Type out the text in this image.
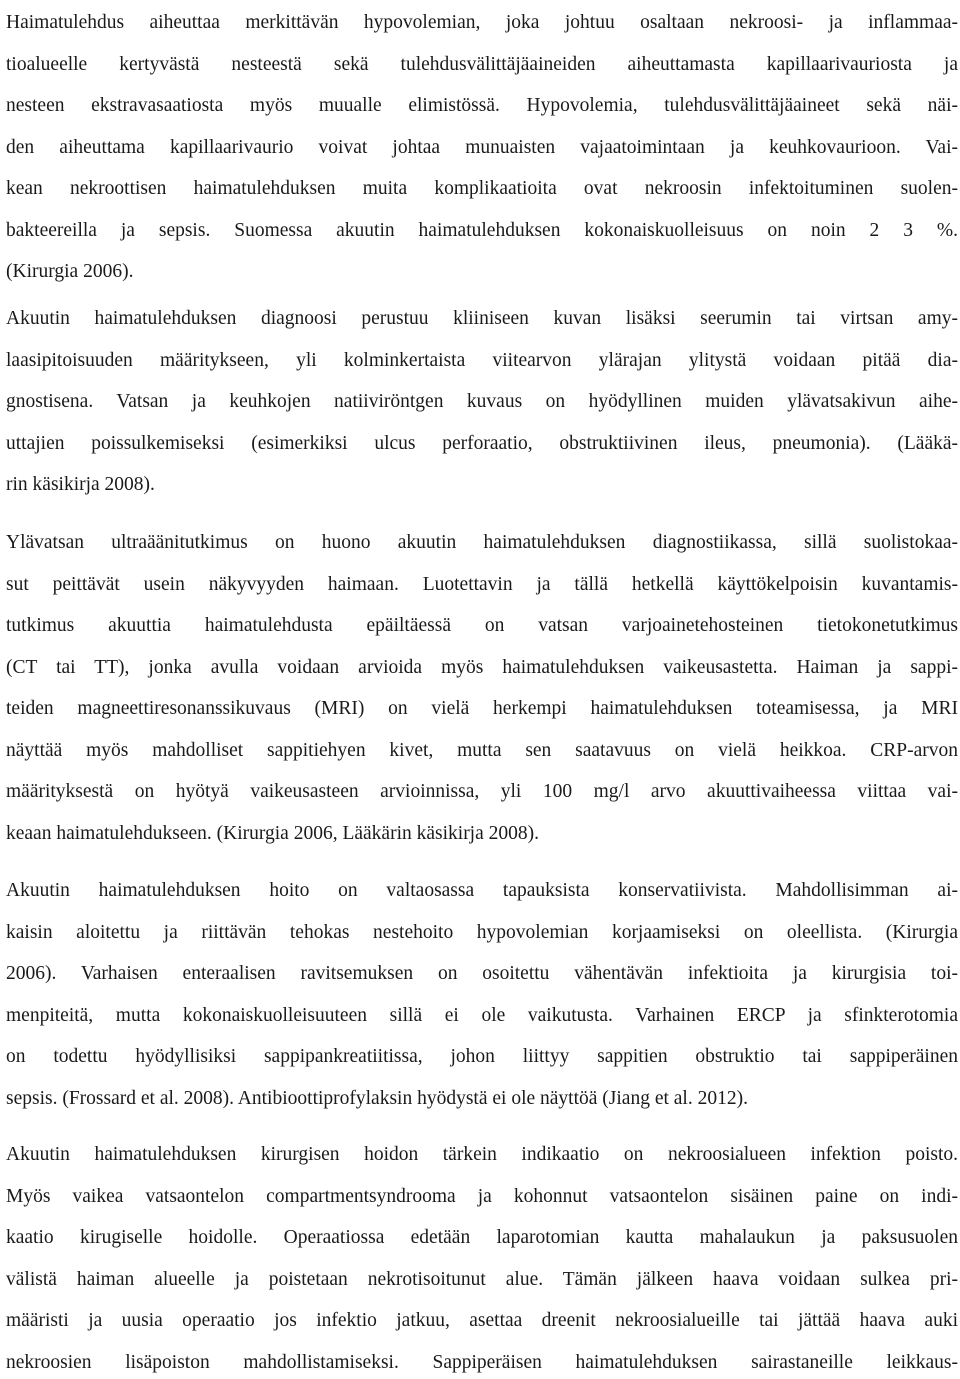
Haimatulehdus aiheuttaa merkittävän hypovolemian, joka johtuu osaltaan nekroosi- ja inflammaa-
tioalueelle kertyvästä nesteestä sekä tulehdusvälittäjäaineiden aiheuttamasta kapillaarivauriosta ja
nesteen ekstravasaatiosta myös muualle elimistössä. Hypovolemia, tulehdusvälittäjäaineet sekä näi-
den aiheuttama kapillaarivaurio voivat johtaa munuaisten vajaatoimintaan ja keuhkovaurioon. Vai-
kean nekroottisen haimatulehduksen muita komplikaatioita ovat nekroosin infektoituminen suolen-
bakteereilla ja sepsis. Suomessa akuutin haimatulehduksen kokonaiskuolleisuus on noin 2 3 %.
(Kirurgia 2006).
Akuutin haimatulehduksen diagnoosi perustuu kliiniseen kuvan lisäksi seerumin tai virtsan amy-
laasipitoisuuden määritykseen, yli kolminkertaista viitearvon ylärajan ylitystä voidaan pitää dia-
gnostisena. Vatsan ja keuhkojen natiiviröntgen kuvaus on hyödyllinen muiden ylävatsakivun aihe-
uttajien poissulkemiseksi (esimerkiksi ulcus perforaatio, obstruktiivinen ileus, pneumonia). (Lääkä-
rin käsikirja 2008).
Ylävatsan ultraäänitutkimus on huono akuutin haimatulehduksen diagnostiikassa, sillä suolistokaa-
sut peittävät usein näkyvyyden haimaan. Luotettavin ja tällä hetkellä käyttökelpoisin kuvantamis-
tutkimus akuuttia haimatulehdusta epäiltäessä on vatsan varjoainetehosteinen tietokonetutkimus
(CT tai TT), jonka avulla voidaan arvioida myös haimatulehduksen vaikeusastetta. Haiman ja sappi-
teiden magneettiresonanssikuvaus (MRI) on vielä herkempi haimatulehduksen toteamisessa, ja MRI
näyttää myös mahdolliset sappitiehyen kivet, mutta sen saatavuus on vielä heikkoa. CRP-arvon
määrityksestä on hyötyä vaikeusasteen arvioinnissa, yli 100 mg/l arvo akuuttivaiheessa viittaa vai-
keaan haimatulehdukseen. (Kirurgia 2006, Lääkärin käsikirja 2008).
Akuutin haimatulehduksen hoito on valtaosassa tapauksista konservatiivista. Mahdollisimman ai-
kaisin aloitettu ja riittävän tehokas nestehoito hypovolemian korjaamiseksi on oleellista. (Kirurgia
2006). Varhaisen enteraalisen ravitsemuksen on osoitettu vähentävän infektioita ja kirurgisia toi-
menpiteitä, mutta kokonaiskuolleisuuteen sillä ei ole vaikutusta. Varhainen ERCP ja sfinkterotomia
on todettu hyödyllisiksi sappipankreatiitissa, johon liittyy sappitien obstruktio tai sappiperäinen
sepsis. (Frossard et al. 2008). Antibioottiprofylaksin hyödystä ei ole näyttöä (Jiang et al. 2012).
Akuutin haimatulehduksen kirurgisen hoidon tärkein indikaatio on nekroosialueen infektion poisto.
Myös vaikea vatsaontelon compartmentsyndrooma ja kohonnut vatsaontelon sisäinen paine on indi-
kaatio kirugiselle hoidolle. Operaatiossa edetään laparotomian kautta mahalaukun ja paksusuolen
välistä haiman alueelle ja poistetaan nekrotisoitunut alue. Tämän jälkeen haava voidaan sulkea pri-
määristi ja uusia operaatio jos infektio jatkuu, asettaa dreenit nekroosialueille tai jättää haava auki
nekroosien lisäpoiston mahdollistamiseksi. Sappiperäisen haimatulehduksen sairastaneille leikkaus-
